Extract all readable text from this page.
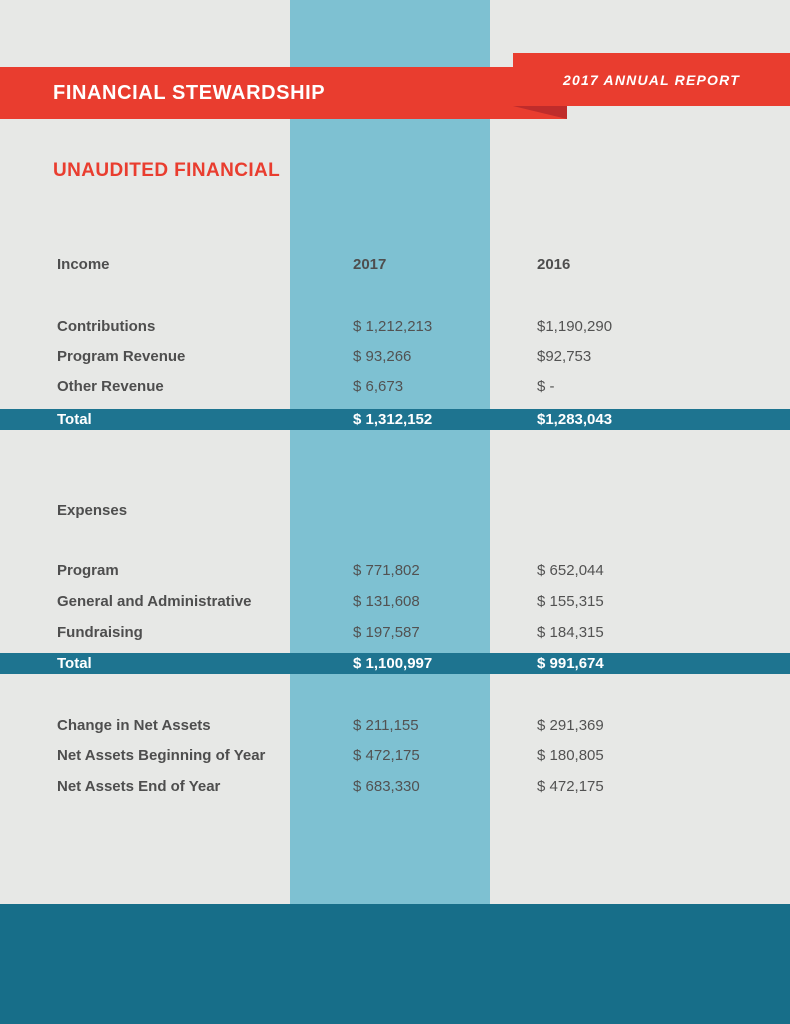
FINANCIAL STEWARDSHIP
2017 ANNUAL REPORT
UNAUDITED FINANCIAL
Income	2017	2016
Contributions	$ 1,212,213	$1,190,290
Program Revenue	$ 93,266	$92,753
Other Revenue	$ 6,673	$ -
Total	$ 1,312,152	$1,283,043
Expenses
Program	$ 771,802	$ 652,044
General and Administrative	$ 131,608	$ 155,315
Fundraising	$ 197,587	$ 184,315
Total	$ 1,100,997	$ 991,674
Change in Net Assets	$ 211,155	$ 291,369
Net Assets Beginning of Year	$ 472,175	$ 180,805
Net Assets End of Year	$ 683,330	$ 472,175
